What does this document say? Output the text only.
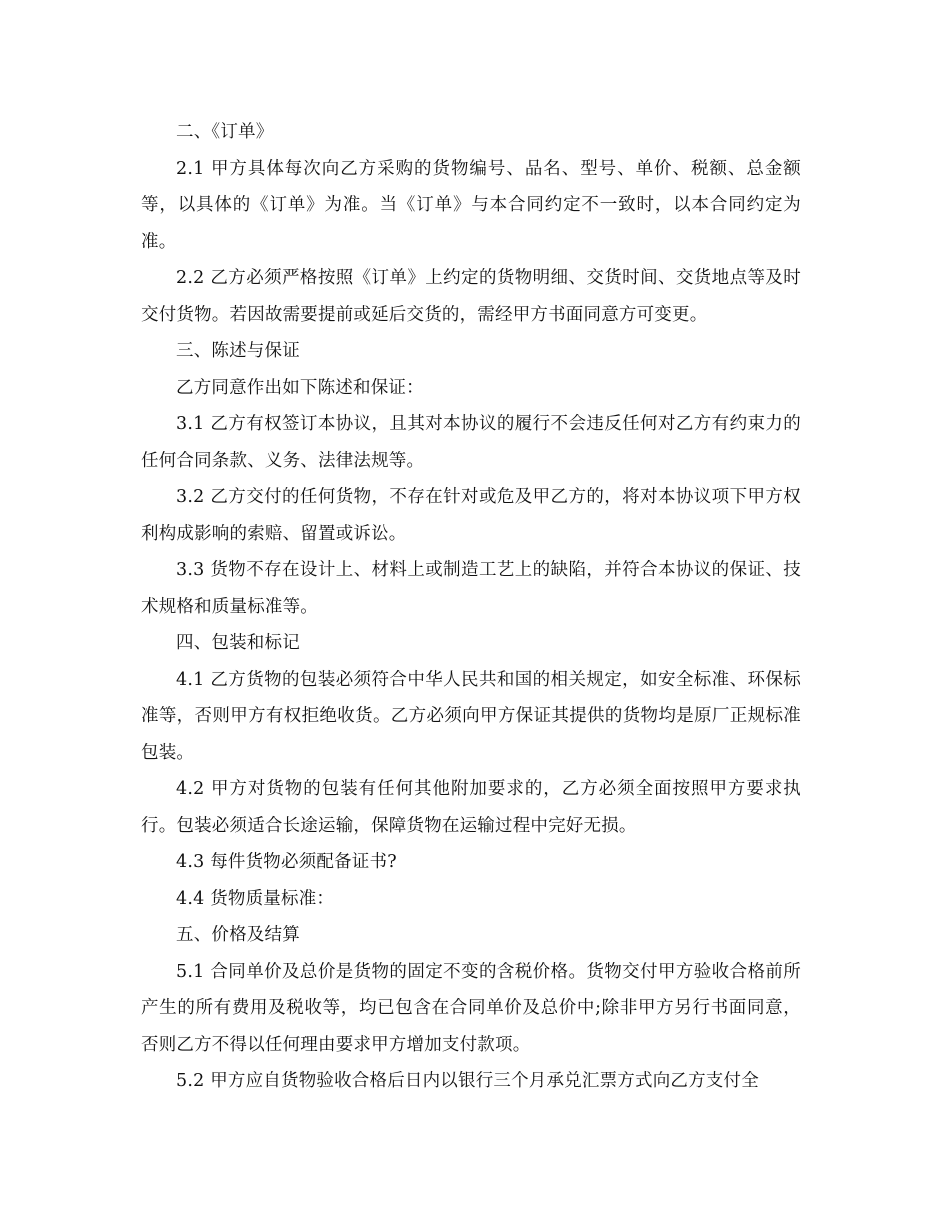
二、《订单》

2.1 甲方具体每次向乙方采购的货物编号、品名、型号、单价、税额、总金额等，以具体的《订单》为准。当《订单》与本合同约定不一致时，以本合同约定为准。

2.2 乙方必须严格按照《订单》上约定的货物明细、交货时间、交货地点等及时交付货物。若因故需要提前或延后交货的，需经甲方书面同意方可变更。

三、陈述与保证

乙方同意作出如下陈述和保证：

3.1 乙方有权签订本协议，且其对本协议的履行不会违反任何对乙方有约束力的任何合同条款、义务、法律法规等。

3.2 乙方交付的任何货物，不存在针对或危及甲乙方的，将对本协议项下甲方权利构成影响的索赔、留置或诉讼。

3.3 货物不存在设计上、材料上或制造工艺上的缺陷，并符合本协议的保证、技术规格和质量标准等。

四、包装和标记

4.1 乙方货物的包装必须符合中华人民共和国的相关规定，如安全标准、环保标准等，否则甲方有权拒绝收货。乙方必须向甲方保证其提供的货物均是原厂正规标准包装。

4.2 甲方对货物的包装有任何其他附加要求的，乙方必须全面按照甲方要求执行。包装必须适合长途运输，保障货物在运输过程中完好无损。

4.3 每件货物必须配备证书?

4.4 货物质量标准：

五、价格及结算

5.1 合同单价及总价是货物的固定不变的含税价格。货物交付甲方验收合格前所产生的所有费用及税收等，均已包含在合同单价及总价中;除非甲方另行书面同意，否则乙方不得以任何理由要求甲方增加支付款项。

5.2 甲方应自货物验收合格后日内以银行三个月承兑汇票方式向乙方支付全
